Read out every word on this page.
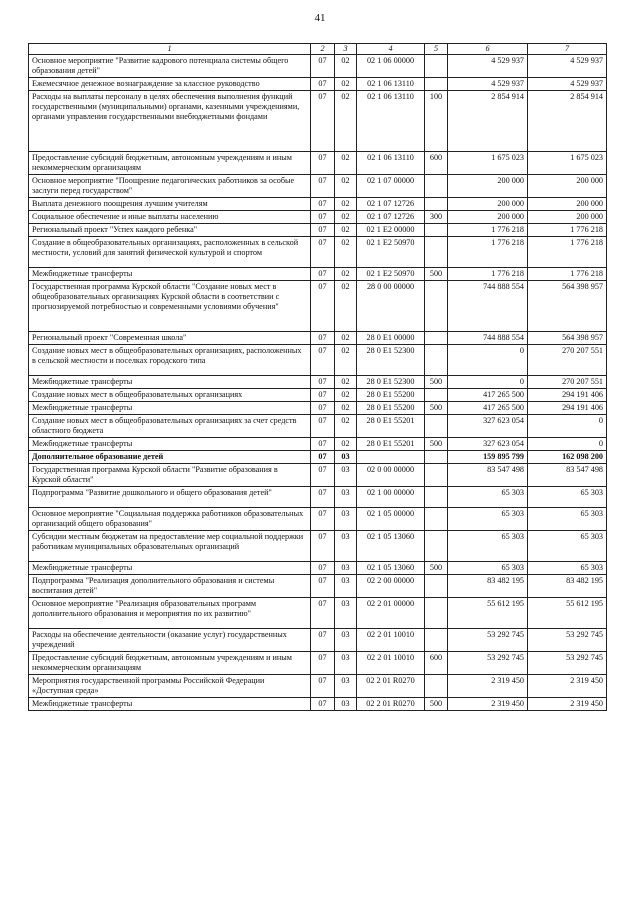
41
1	2	3	4	5	6	7
Основное мероприятие "Развитие кадрового потенциала системы общего образования детей"	07	02	02 1 06 00000		4 529 937	4 529 937
Ежемесячное денежное вознаграждение за классное руководство	07	02	02 1 06 13110		4 529 937	4 529 937
Расходы на выплаты персоналу в целях обеспечения выполнения функций государственными (муниципальными) органами, казенными учреждениями, органами управления государственными внебюджетными фондами	07	02	02 1 06 13110	100	2 854 914	2 854 914
Предоставление субсидий бюджетным, автономным учреждениям и иным некоммерческим организациям	07	02	02 1 06 13110	600	1 675 023	1 675 023
Основное мероприятие "Поощрение педагогических работников за особые заслуги перед государством"	07	02	02 1 07 00000		200 000	200 000
Выплата денежного поощрения лучшим учителям	07	02	02 1 07 12726		200 000	200 000
Социальное обеспечение и иные выплаты населению	07	02	02 1 07 12726	300	200 000	200 000
Региональный проект "Успех каждого ребенка"	07	02	02 1 Е2 00000		1 776 218	1 776 218
Создание в общеобразовательных организациях, расположенных в сельской местности, условий для занятий физической культурой и спортом	07	02	02 1 Е2 50970		1 776 218	1 776 218
Межбюджетные трансферты	07	02	02 1 Е2 50970	500	1 776 218	1 776 218
Государственная программа Курской области "Создание новых мест в общеобразовательных организациях Курской области в соответствии с прогнозируемой потребностью и современными условиями обучения"	07	02	28 0 00 00000		744 888 554	564 398 957
Региональный проект "Современная школа"	07	02	28 0 Е1 00000		744 888 554	564 398 957
Создание новых мест в общеобразовательных организациях, расположенных в сельской местности и поселках городского типа	07	02	28 0 Е1 52300		0	270 207 551
Межбюджетные трансферты	07	02	28 0 Е1 52300	500	0	270 207 551
Создание новых мест в общеобразовательных организациях	07	02	28 0 Е1 55200		417 265 500	294 191 406
Межбюджетные трансферты	07	02	28 0 Е1 55200	500	417 265 500	294 191 406
Создание новых мест в общеобразовательных организациях за счет средств областного бюджета	07	02	28 0 Е1 55201		327 623 054	0
Межбюджетные трансферты	07	02	28 0 Е1 55201	500	327 623 054	0
Дополнительное образование детей	07	03			159 895 799	162 098 200
Государственная программа Курской области "Развитие образования в Курской области"	07	03	02 0 00 00000		83 547 498	83 547 498
Подпрограмма "Развитие дошкольного и общего образования детей"	07	03	02 1 00 00000		65 303	65 303
Основное мероприятие "Социальная поддержка работников образовательных организаций общего образования"	07	03	02 1 05 00000		65 303	65 303
Субсидии местным бюджетам на предоставление мер социальной поддержки работникам муниципальных образовательных организаций	07	03	02 1 05 13060		65 303	65 303
Межбюджетные трансферты	07	03	02 1 05 13060	500	65 303	65 303
Подпрограмма "Реализация дополнительного образования и системы воспитания детей"	07	03	02 2 00 00000		83 482 195	83 482 195
Основное мероприятие "Реализация образовательных программ дополнительного образования и мероприятия по их развитию"	07	03	02 2 01 00000		55 612 195	55 612 195
Расходы на обеспечение деятельности (оказание услуг) государственных учреждений	07	03	02 2 01 10010		53 292 745	53 292 745
Предоставление субсидий бюджетным, автономным учреждениям и иным некоммерческим организациям	07	03	02 2 01 10010	600	53 292 745	53 292 745
Мероприятия государственной программы Российской Федерации «Доступная среда»	07	03	02 2 01 R0270		2 319 450	2 319 450
Межбюджетные трансферты	07	03	02 2 01 R0270	500	2 319 450	2 319 450
